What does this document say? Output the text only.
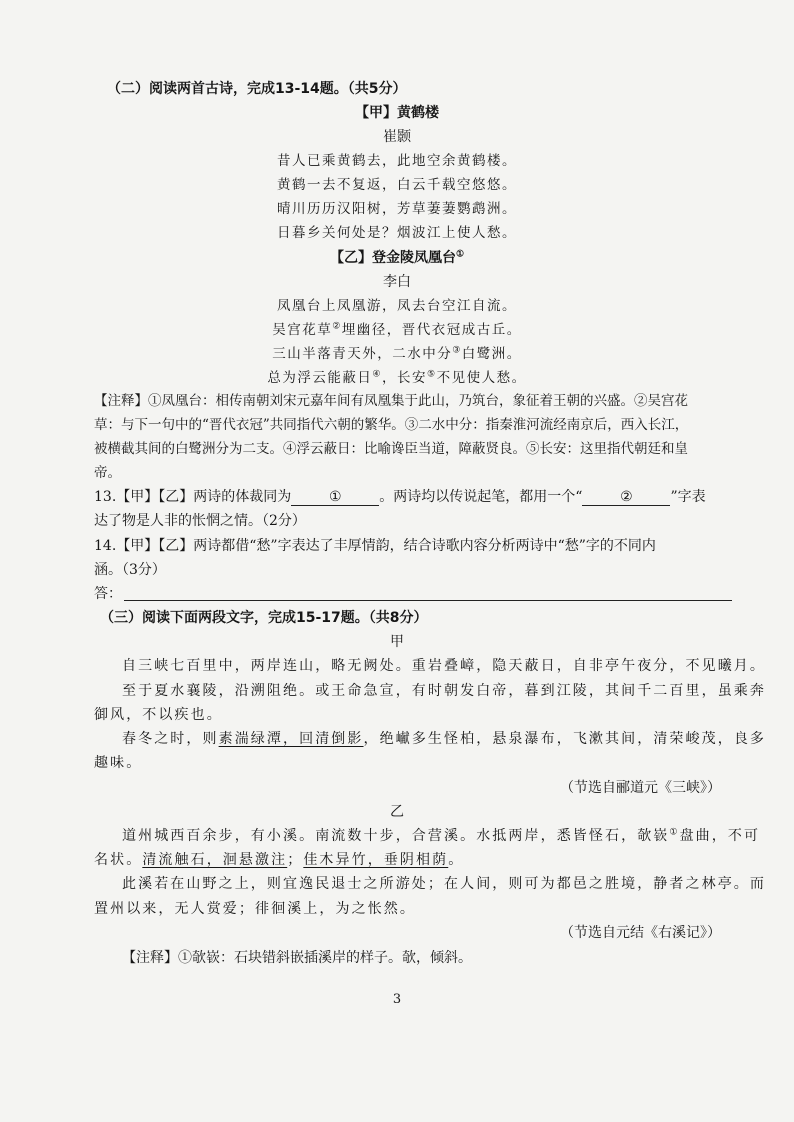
（二）阅读两首古诗，完成13-14题。（共5分）
【甲】黄鹤楼
崔颢
昔人已乘黄鹤去，此地空余黄鹤楼。
黄鹤一去不复返，白云千载空悠悠。
晴川历历汉阳树，芳草萋萋鹦鹉洲。
日暮乡关何处是？烟波江上使人愁。
【乙】登金陵凤凰台①
李白
凤凰台上凤凰游，凤去台空江自流。
吴宫花草②埋幽径，晋代衣冠成古丘。
三山半落青天外，二水中分③白鹭洲。
总为浮云能蔽日④，长安⑤不见使人愁。
【注释】①凤凰台：相传南朝刘宋元嘉年间有凤凰集于此山，乃筑台，象征着王朝的兴盛。②吴宫花
草：与下一句中的“晋代衣冠”共同指代六朝的繁华。③二水中分：指秦淮河流经南京后，西入长江，
被横截其间的白鹭洲分为二支。④浮云蔽日：比喻谗臣当道，障蔽贤良。⑤长安：这里指代朝廷和皇
帝。
13.【甲】【乙】两诗的体裁同为	①	。两诗均以传说起笔，都用一个“	②	”字表
达了物是人非的怅惘之情。（2分）
14.【甲】【乙】两诗都借“愁”字表达了丰厚情韵，结合诗歌内容分析两诗中“愁”字的不同内
涵。（3分）
答：
（三）阅读下面两段文字，完成15-17题。（共8分）
甲
自三峡七百里中，两岸连山，略无阙处。重岩叠嶂，隐天蔽日，自非亭午夜分，不见曦月。
至于夏水襄陵，沿溯阻绝。或王命急宣，有时朝发白帝，暮到江陵，其间千二百里，虽乘奔
御风，不以疾也。
春冬之时，则素湍绿潭，回清倒影，绝𪩘多生怪柏，悬泉瀑布，飞漱其间，清荣峻茂，良多
趣味。
（节选自郦道元《三峡》）
乙
道州城西百余步，有小溪。南流数十步，合营溪。水抵两岸，悉皆怪石，欹嵚①盘曲，不可
名状。清流触石，洄悬激注；佳木异竹，垂阴相荫。
此溪若在山野之上，则宜逸民退士之所游处；在人间，则可为都邑之胜境，静者之林亭。而
置州以来，无人赏爱；徘徊溪上，为之怅然。
（节选自元结《右溪记》）
【注释】①欹嵚：石块错斜嵌插溪岸的样子。欹，倾斜。
3
